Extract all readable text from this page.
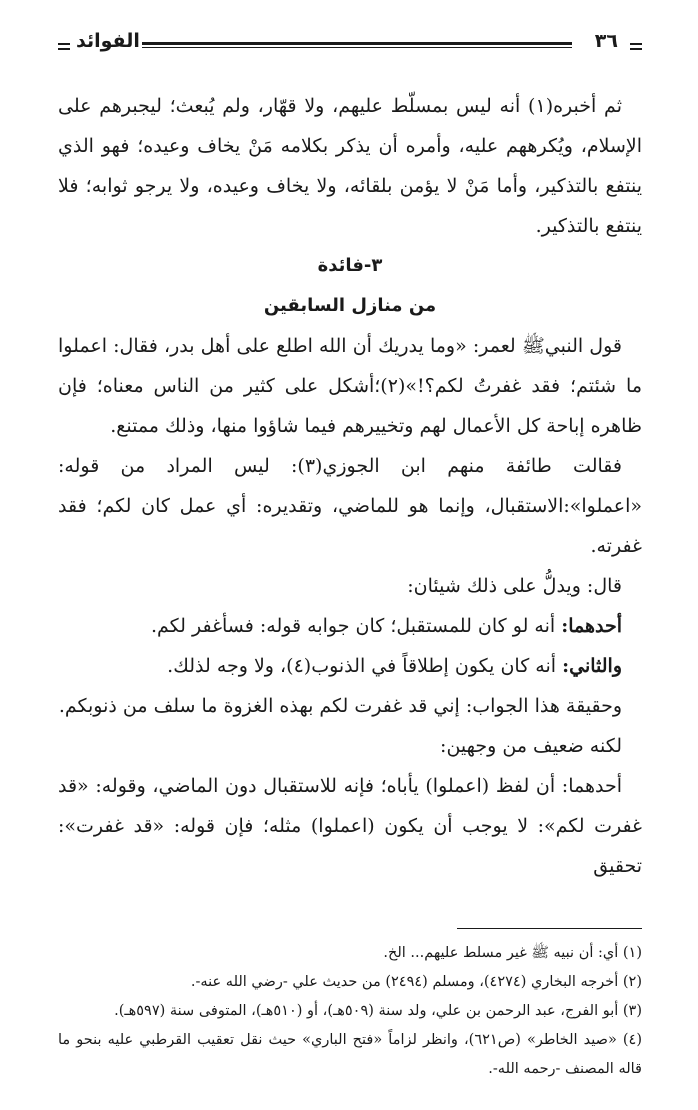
الفوائد	٣٦

ثم أخبره(١) أنه ليس بمسلّط عليهم، ولا قهّار، ولم يُبعث؛ ليجبرهم على الإسلام، ويُكرههم عليه، وأمره أن يذكر بكلامه مَنْ يخاف وعيده؛ فهو الذي ينتفع بالتذكير، وأما مَنْ لا يؤمن بلقائه، ولا يخاف وعيده، ولا يرجو ثوابه؛ فلا ينتفع بالتذكير.

٣-فائدة

من منازل السابقين

قول النبيﷺ لعمر: «وما يدريك أن الله اطلع على أهل بدر، فقال: اعملوا ما شئتم؛ فقد غفرتُ لكم؟!»(٢)؛أشكل على كثير من الناس معناه؛ فإن ظاهره إباحة كل الأعمال لهم وتخييرهم فيما شاؤوا منها، وذلك ممتنع.

فقالت طائفة منهم ابن الجوزي(٣): ليس المراد من قوله: «اعملوا»:الاستقبال، وإنما هو للماضي، وتقديره: أي عمل كان لكم؛ فقد غفرته.

قال: ويدلُّ على ذلك شيئان:

أحدهما: أنه لو كان للمستقبل؛ كان جوابه قوله: فسأغفر لكم.

والثاني: أنه كان يكون إطلاقاً في الذنوب(٤)، ولا وجه لذلك.

وحقيقة هذا الجواب: إني قد غفرت لكم بهذه الغزوة ما سلف من ذنوبكم.

لكنه ضعيف من وجهين:

أحدهما: أن لفظ (اعملوا) يأباه؛ فإنه للاستقبال دون الماضي، وقوله: «قد غفرت لكم»: لا يوجب أن يكون (اعملوا) مثله؛ فإن قوله: «قد غفرت»: تحقيق

(١) أي: أن نبيه ﷺ غير مسلط عليهم... الخ.

(٢) أخرجه البخاري (٤٢٧٤)، ومسلم (٢٤٩٤) من حديث علي -رضي الله عنه-.

(٣) أبو الفرج، عبد الرحمن بن علي، ولد سنة (٥٠٩هـ)، أو (٥١٠هـ)، المتوفى سنة (٥٩٧هـ).

(٤) «صيد الخاطر» (ص٦٢١)، وانظر لزاماً «فتح الباري» حيث نقل تعقيب القرطبي عليه بنحو ما قاله المصنف -رحمه الله-.
